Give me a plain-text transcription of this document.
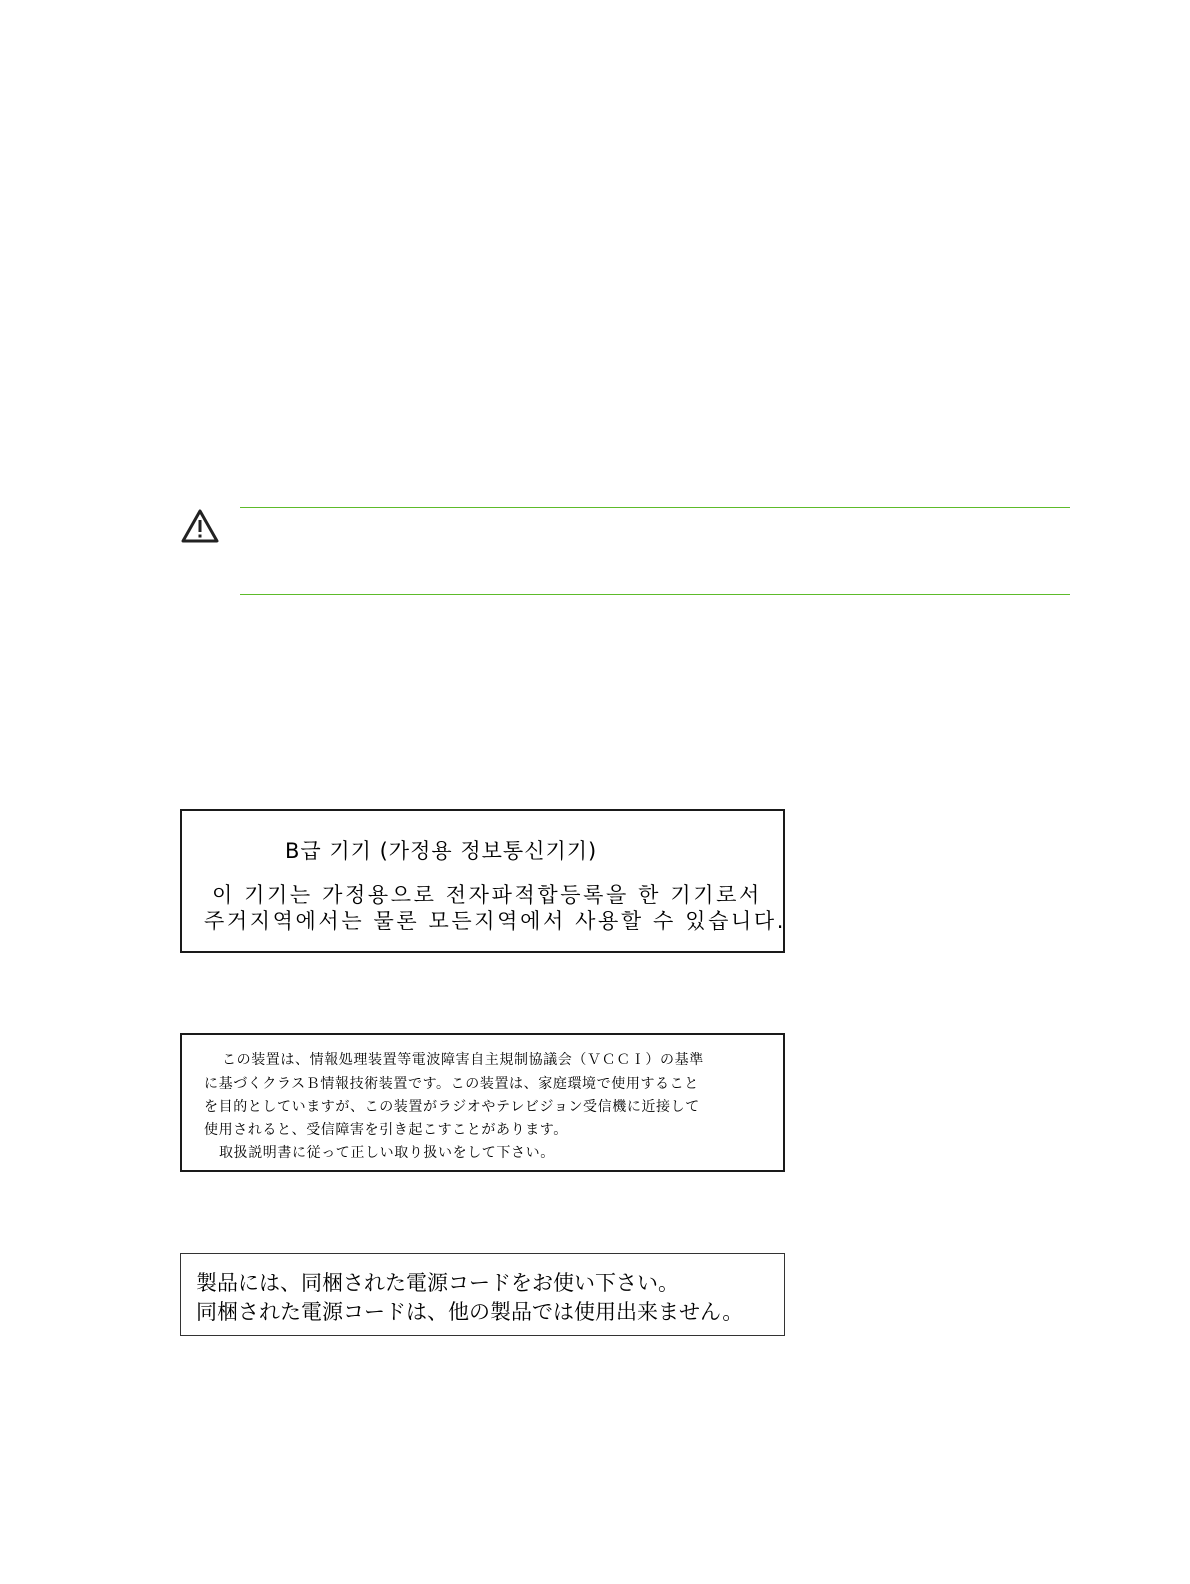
B급 기기 (가정용 정보통신기기)
이 기기는 가정용으로 전자파적합등록을 한 기기로서
주거지역에서는 물론 모든지역에서 사용할 수 있습니다.
この装置は、情報処理装置等電波障害自主規制協議会（ＶＣＣＩ）の基準
に基づくクラスＢ情報技術装置です。この装置は、家庭環境で使用すること
を目的としていますが、この装置がラジオやテレビジョン受信機に近接して
使用されると、受信障害を引き起こすことがあります。
取扱説明書に従って正しい取り扱いをして下さい。
製品には、同梱された電源コードをお使い下さい。
同梱された電源コードは、他の製品では使用出来ません。
